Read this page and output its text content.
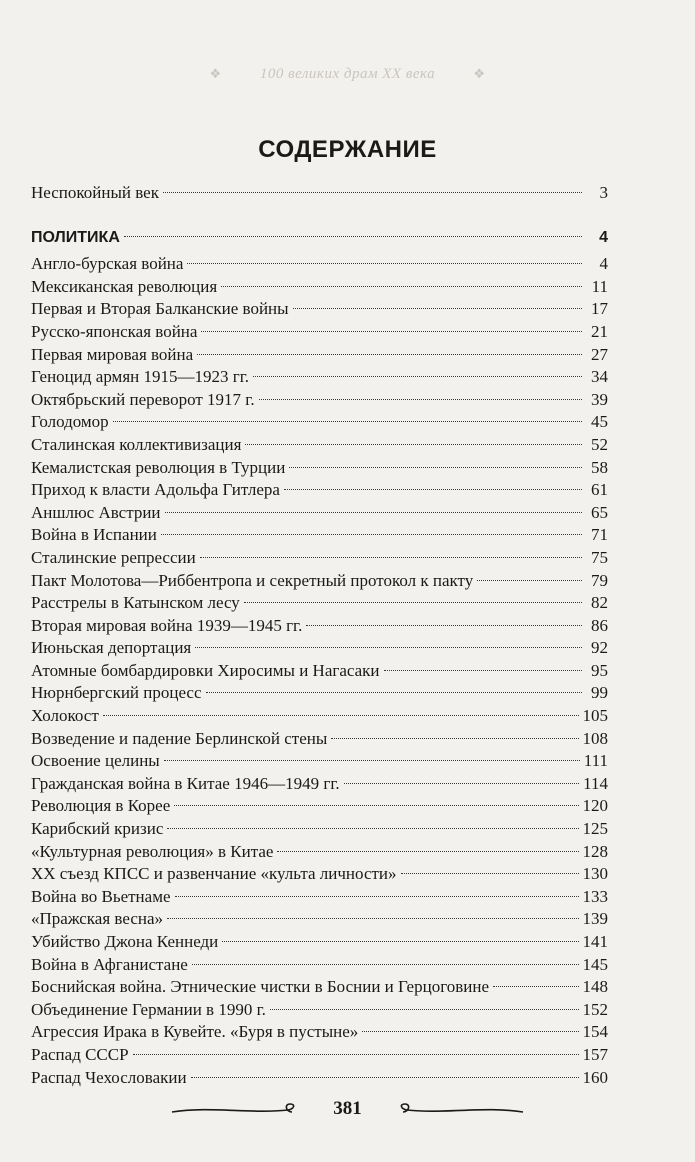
❖	100 великих драм XX века	❖
СОДЕРЖАНИЕ
Неспокойный век	3
ПОЛИТИКА	4
Англо-бурская война	4
Мексиканская революция	11
Первая и Вторая Балканские войны	17
Русско-японская война	21
Первая мировая война	27
Геноцид армян 1915—1923 гг.	34
Октябрьский переворот 1917 г.	39
Голодомор	45
Сталинская коллективизация	52
Кемалистская революция в Турции	58
Приход к власти Адольфа Гитлера	61
Аншлюс Австрии	65
Война в Испании	71
Сталинские репрессии	75
Пакт Молотова—Риббентропа и секретный протокол к пакту	79
Расстрелы в Катынском лесу	82
Вторая мировая война 1939—1945 гг.	86
Июньская депортация	92
Атомные бомбардировки Хиросимы и Нагасаки	95
Нюрнбергский процесс	99
Холокост	105
Возведение и падение Берлинской стены	108
Освоение целины	111
Гражданская война в Китае 1946—1949 гг.	114
Революция в Корее	120
Карибский кризис	125
«Культурная революция» в Китае	128
XX съезд КПСС и развенчание «культа личности»	130
Война во Вьетнаме	133
«Пражская весна»	139
Убийство Джона Кеннеди	141
Война в Афганистане	145
Боснийская война. Этнические чистки в Боснии и Герцоговине	148
Объединение Германии в 1990 г.	152
Агрессия Ирака в Кувейте. «Буря в пустыне»	154
Распад СССР	157
Распад Чехословакии	160
381
